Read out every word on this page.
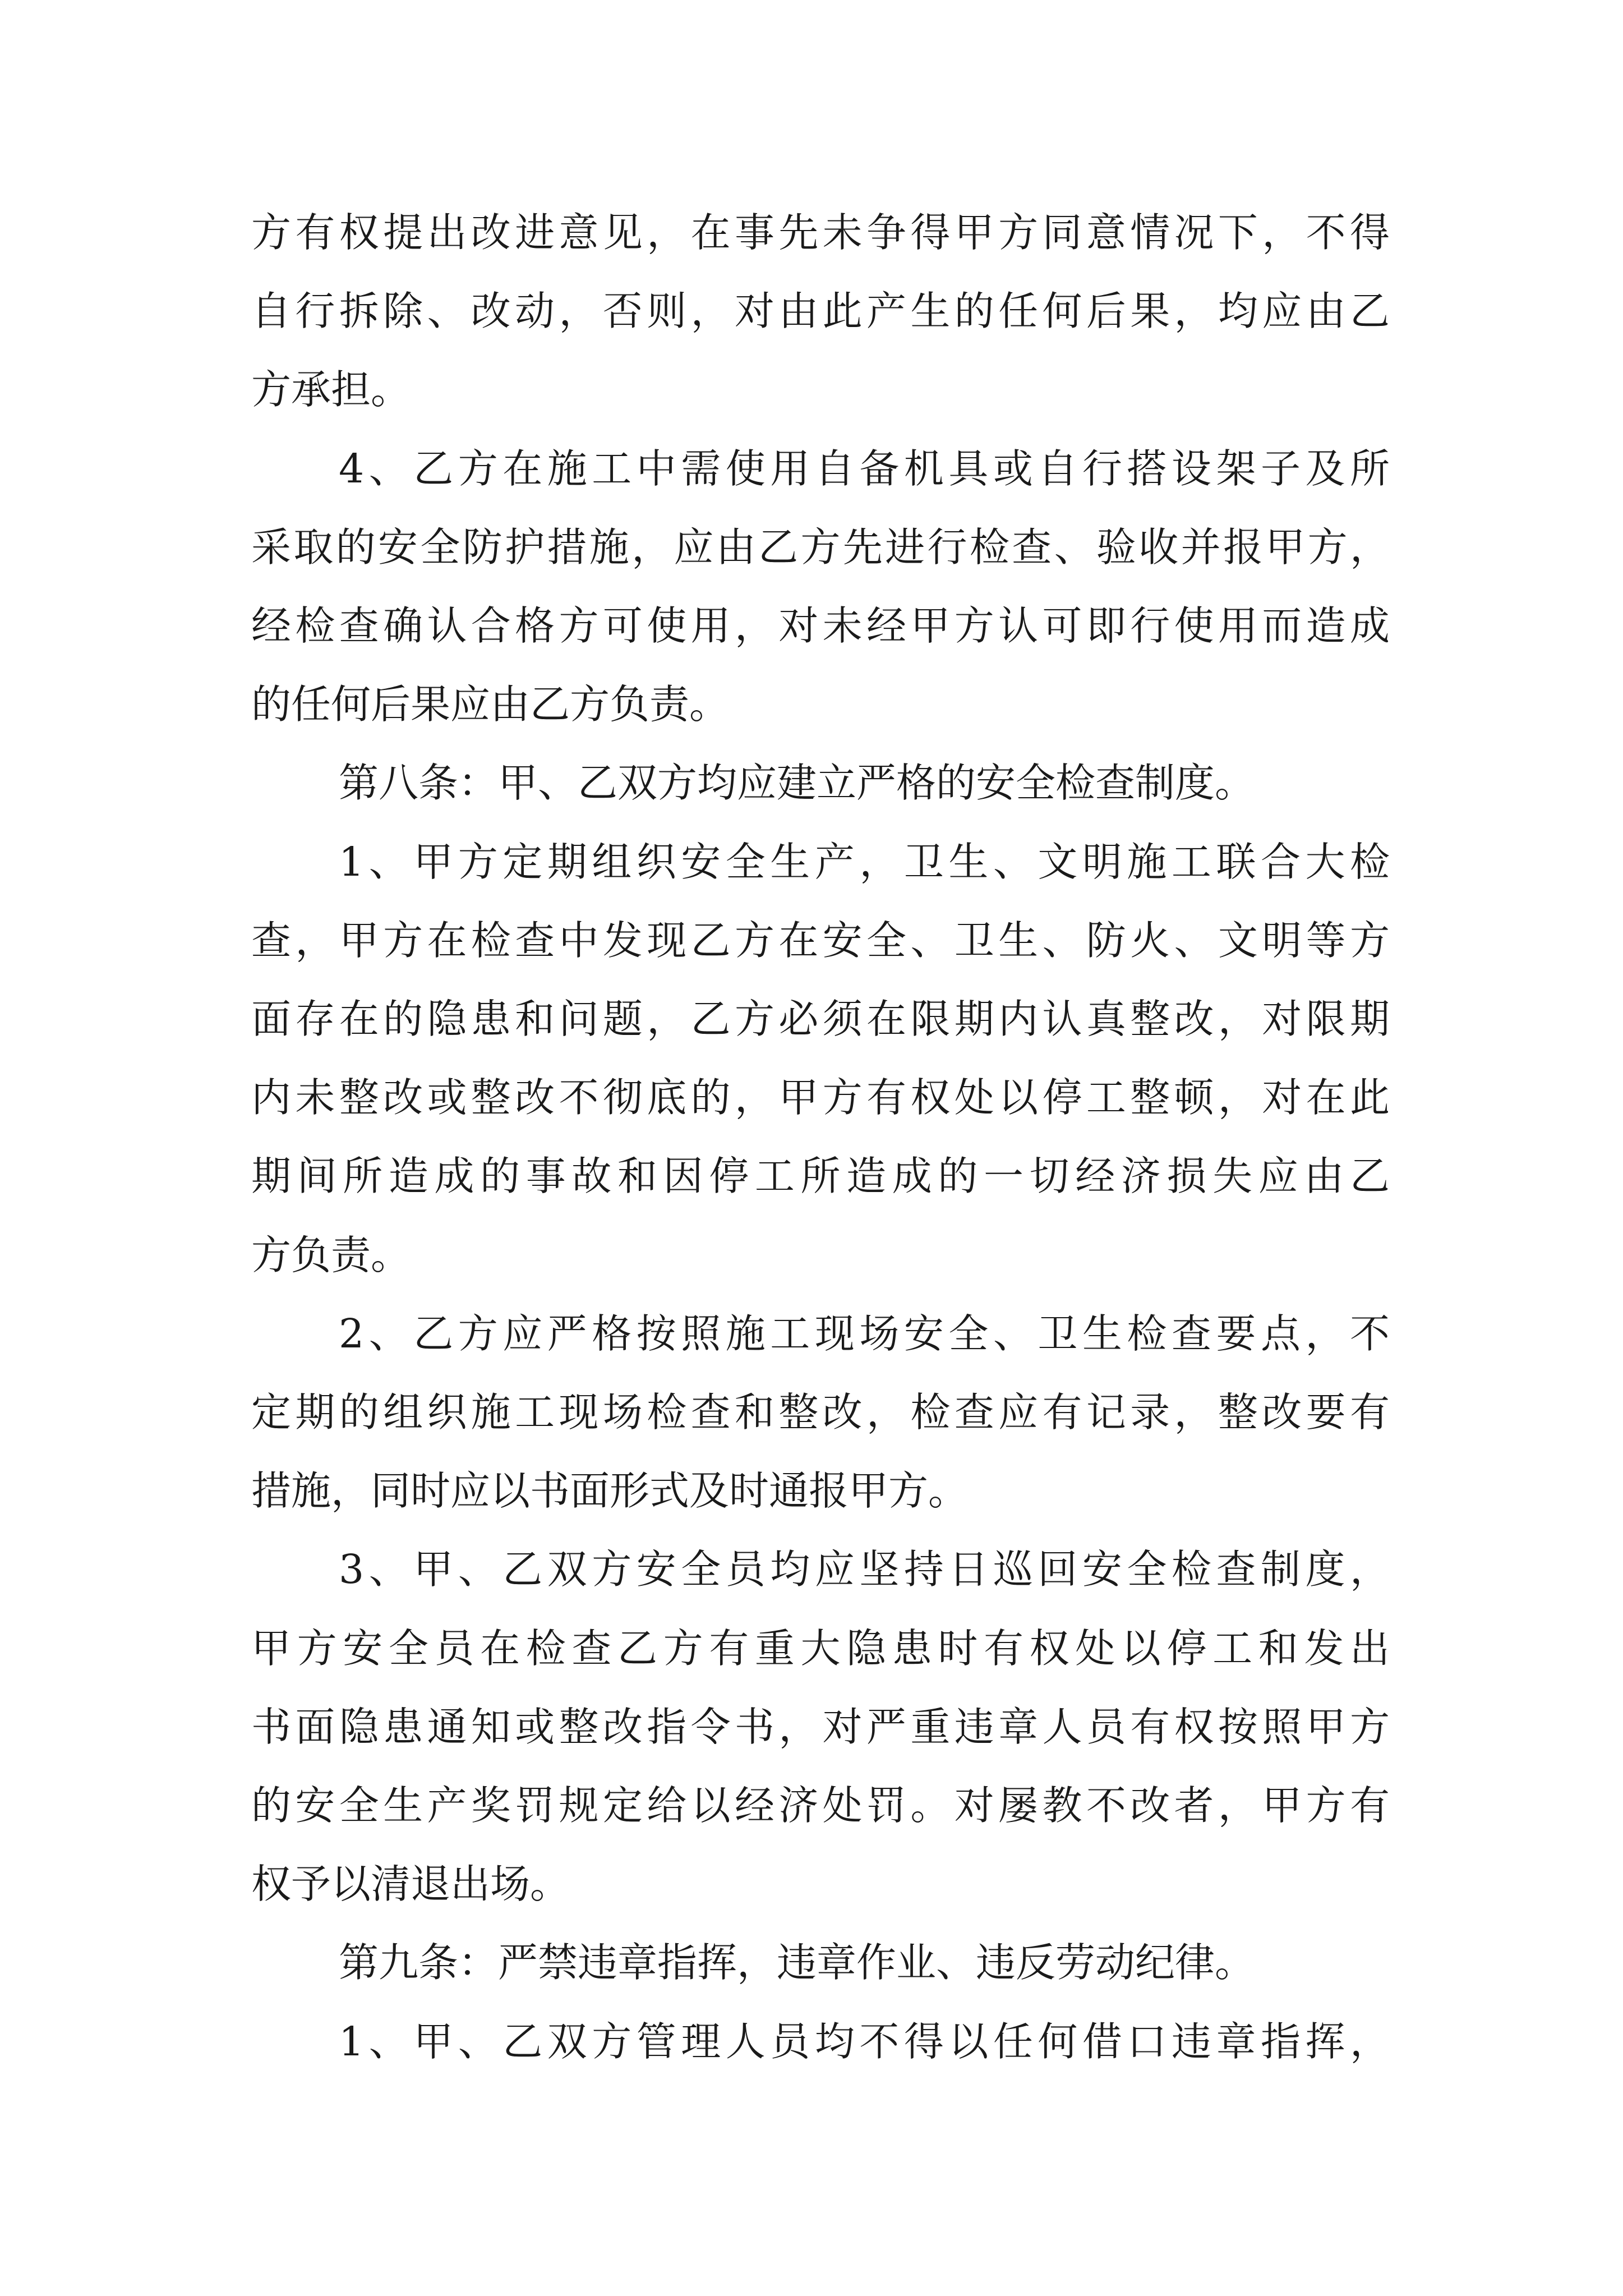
方有权提出改进意见，在事先未争得甲方同意情况下，不得
自行拆除、改动，否则，对由此产生的任何后果，均应由乙
方承担。
4、乙方在施工中需使用自备机具或自行搭设架子及所
采取的安全防护措施，应由乙方先进行检查、验收并报甲方，
经检查确认合格方可使用，对未经甲方认可即行使用而造成
的任何后果应由乙方负责。
第八条：甲、乙双方均应建立严格的安全检查制度。
1、甲方定期组织安全生产，卫生、文明施工联合大检
查，甲方在检查中发现乙方在安全、卫生、防火、文明等方
面存在的隐患和问题，乙方必须在限期内认真整改，对限期
内未整改或整改不彻底的，甲方有权处以停工整顿，对在此
期间所造成的事故和因停工所造成的一切经济损失应由乙
方负责。
2、乙方应严格按照施工现场安全、卫生检查要点，不
定期的组织施工现场检查和整改，检查应有记录，整改要有
措施，同时应以书面形式及时通报甲方。
3、甲、乙双方安全员均应坚持日巡回安全检查制度，
甲方安全员在检查乙方有重大隐患时有权处以停工和发出
书面隐患通知或整改指令书，对严重违章人员有权按照甲方
的安全生产奖罚规定给以经济处罚。对屡教不改者，甲方有
权予以清退出场。
第九条：严禁违章指挥，违章作业、违反劳动纪律。
1、甲、乙双方管理人员均不得以任何借口违章指挥，
